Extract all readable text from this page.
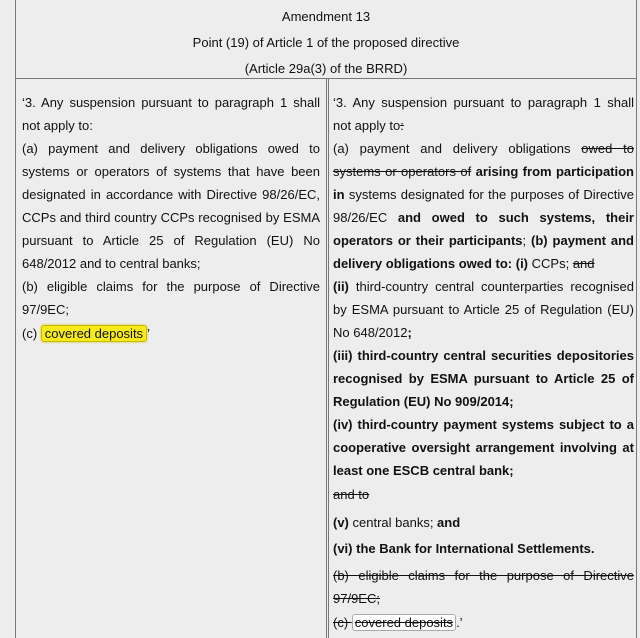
Amendment 13
Point (19) of Article 1 of the proposed directive
(Article 29a(3) of the BRRD)
‘3. Any suspension pursuant to paragraph 1 shall not apply to:
(a) payment and delivery obligations owed to systems or operators of systems that have been designated in accordance with Directive 98/26/EC, CCPs and third country CCPs recognised by ESMA pursuant to Article 25 of Regulation (EU) No 648/2012 and to central banks;
(b) eligible claims for the purpose of Directive 97/9EC;
(c) covered deposits ’
‘3. Any suspension pursuant to paragraph 1 shall not apply to:
(a) payment and delivery obligations owed to systems or operators of arising from participation in systems designated for the purposes of Directive 98/26/EC and owed to such systems, their operators or their participants; (b) payment and delivery obligations owed to: (i) CCPs; and
(ii) third-country central counterparties recognised by ESMA pursuant to Article 25 of Regulation (EU) No 648/2012;
(iii) third-country central securities depositories recognised by ESMA pursuant to Article 25 of Regulation (EU) No 909/2014;
(iv) third-country payment systems subject to a cooperative oversight arrangement involving at least one ESCB central bank;
and to
(v) central banks; and
(vi) the Bank for International Settlements.
(b) eligible claims for the purpose of Directive 97/9EC;
(c) covered deposits .’
